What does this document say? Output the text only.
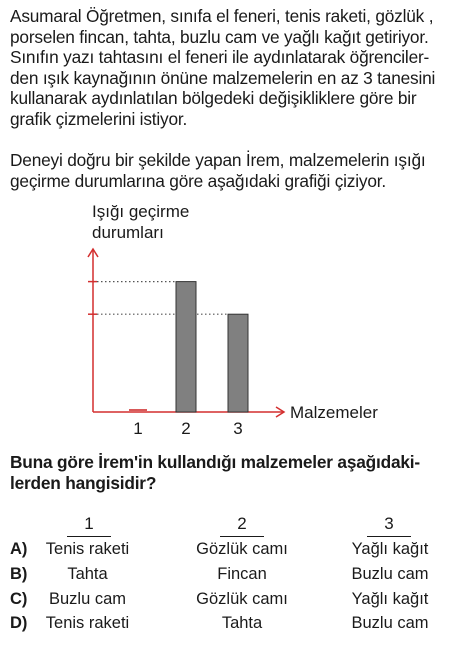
Asumaral Öğretmen, sınıfa el feneri, tenis raketi, gözlük ,
porselen fincan, tahta, buzlu cam ve yağlı kağıt getiriyor.
Sınıfın yazı tahtasını el feneri ile aydınlatarak öğrenciler-
den ışık kaynağının önüne malzemelerin en az 3 tanesini
kullanarak aydınlatılan bölgedeki değişikliklere göre bir
grafik çizmelerini istiyor.

Deneyi doğru bir şekilde yapan İrem, malzemelerin ışığı
geçirme durumlarına göre aşağıdaki grafiği çiziyor.

Işığı geçirme
durumları
Malzemeler
1 2	3

Buna göre İrem'in kullandığı malzemeler aşağıdaki-
lerden hangisidir?

1	2	3
A)	Tenis raketi	Gözlük camı	Yağlı kağıt
B)	Tahta	Fincan	Buzlu cam
C)	Buzlu cam	Gözlük camı	Yağlı kağıt
D)	Tenis raketi	Tahta	Buzlu cam
